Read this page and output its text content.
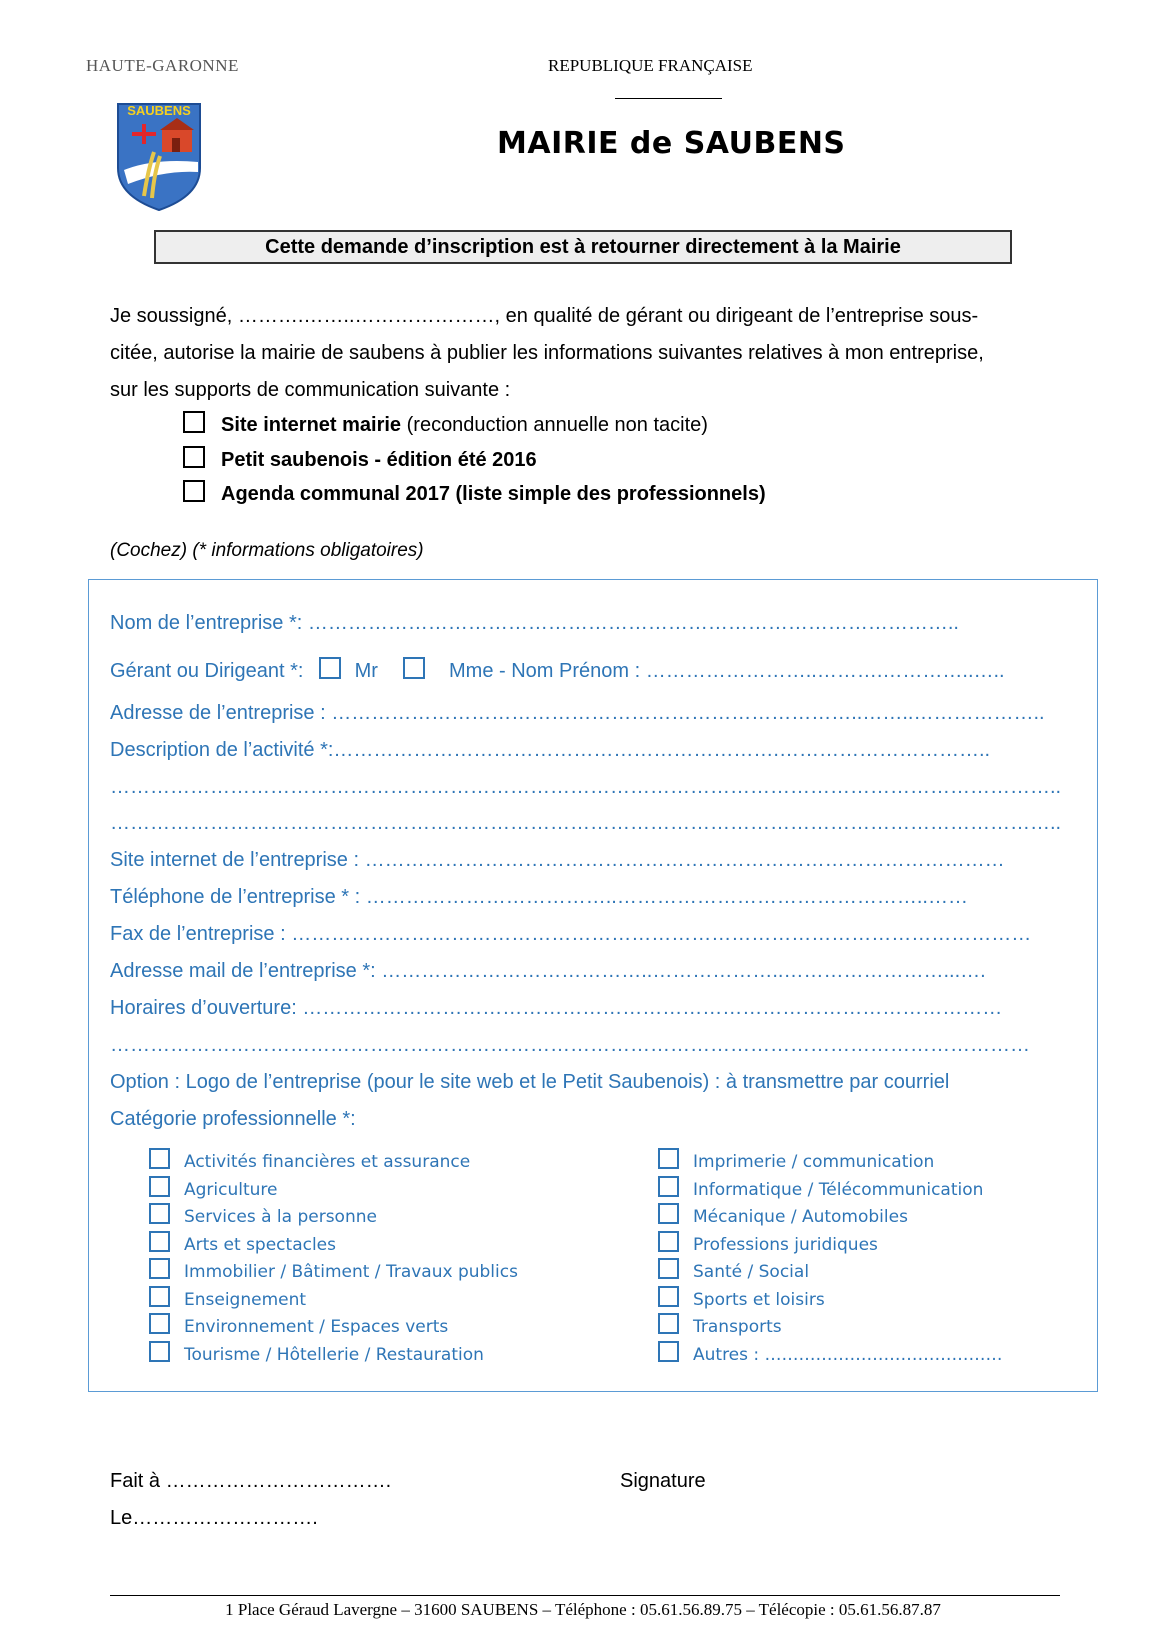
HAUTE-GARONNE	REPUBLIQUE FRANÇAISE
SAUBENS
MAIRIE de SAUBENS
Cette demande d’inscription est à retourner directement à la Mairie
Je soussigné, ……….……..…………………, en qualité de gérant ou dirigeant de l’entreprise sous-
citée, autorise la mairie de saubens à publier les informations suivantes relatives à mon entreprise,
sur les supports de communication suivante :
Site internet mairie (reconduction annuelle non tacite)
Petit saubenois - édition été 2016
Agenda communal 2017 (liste simple des professionnels)
(Cochez) (* informations obligatoires)
Nom de l’entreprise *: ……………………………………………………………………………………..
Gérant ou Dirigeant *:	Mr	Mme - Nom Prénom : ……………………..……….…………..…..
Adresse de l’entreprise : ……………………………………………………………………..……..………………..
Description de l’activité *:………………………………………………………….…………………………..
……………………………………………………………………………………………………………………………..
……………………………………………………………………………………………………………………………..
Site internet de l’entreprise : ……………………………………………………………………………………
Téléphone de l’entreprise * : ………………………………..………………………………………..……
Fax de l’entreprise : …………………………………………………………………………………………………
Adresse mail de l’entreprise *: …………………………………..………………..……………………...….
Horaires d’ouverture: ……………………………………………………………………………………………
…………………………………………………………………………………………………………………………
Option : Logo de l’entreprise (pour le site web et le Petit Saubenois) : à transmettre par courriel
Catégorie professionnelle *:
Activités financières et assurance
Agriculture
Services à la personne
Arts et spectacles
Immobilier / Bâtiment / Travaux publics
Enseignement
Environnement / Espaces verts
Tourisme / Hôtellerie / Restauration
Imprimerie / communication
Informatique / Télécommunication
Mécanique / Automobiles
Professions juridiques
Santé / Social
Sports et loisirs
Transports
Autres : ……………………………………
Fait à …………………………….	Signature
Le……………………….
1 Place Géraud Lavergne – 31600 SAUBENS – Téléphone : 05.61.56.89.75 – Télécopie : 05.61.56.87.87
